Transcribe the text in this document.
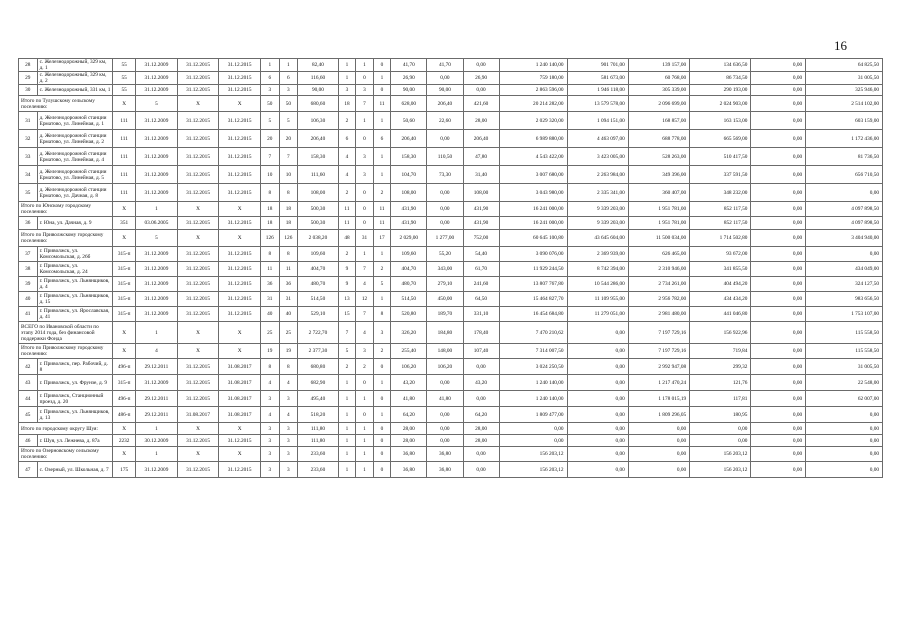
16
28	с. Железнодорожный, 329 км, д. 1	55	31.12.2009	31.12.2015	31.12.2015	1	1	82,40	1	1	0	41,70	41,70	0,00	1 240 140,00	901 701,00	139 157,00	134 636,50	0,00	64 825,50
29	с. Железнодорожный, 329 км, д. 2	55	31.12.2009	31.12.2015	31.12.2015	6	6	116,60	1	0	1	26,90	0,00	26,90	759 180,00	581 673,00	60 768,00	86 734,50	0,00	31 005,50
30	с. Железнодорожный, 331 км, 1	55	31.12.2009	31.12.2015	31.12.2015	3	3	90,00	3	3	0	90,00	90,00	0,00	2 863 596,00	1 946 118,00	305 339,00	290 193,00	0,00	325 946,00
Итого по Тулушскому сельскому поселению:		Х	5	Х	Х	50	50	680,60	18	7	11	628,00	206,40	421,60	20 214 282,00	13 579 578,00	2 096 699,00	2 024 903,00	0,00	2 514 102,00
31	д. Железнодорожной станции Ерматово, ул. Линейная, д. 1	111	31.12.2009	31.12.2015	31.12.2015	5	5	106,30	2	1	1	50,60	22,60	28,00	2 029 320,00	1 094 151,00	168 857,00	163 153,00	0,00	603 159,00
32	д. Железнодорожной станции Ерматово, ул. Линейная, д. 2	111	31.12.2009	31.12.2015	31.12.2015	20	20	206,40	6	0	6	206,40	0,00	206,40	6 989 880,00	4 463 097,00	688 778,00	665 569,00	0,00	1 172 436,00
33	д. Железнодорожной станции Ерматово, ул. Линейная, д. 4	111	31.12.2009	31.12.2015	31.12.2015	7	7	158,30	4	3	1	158,30	110,50	47,80	4 543 422,00	3 423 005,00	528 263,00	510 417,50	0,00	81 736,50
34	д. Железнодорожной станции Ерматово, ул. Линейная, д. 5	111	31.12.2009	31.12.2015	31.12.2015	10	10	111,60	4	3	1	104,70	73,30	31,40	3 007 680,00	2 263 984,00	349 396,00	337 591,50	0,00	656 710,50
35	д. Железнодорожной станции Ерматово, ул. Дачная, д. 8	111	31.12.2009	31.12.2015	31.12.2015	8	8	108,00	2	0	2	108,00	0,00	108,00	3 043 980,00	2 335 341,00	360 407,00	348 232,00	0,00	0,00
Итого по Юнскому городскому поселению:		Х	1	Х	Х	18	18	500,30	11	0	11	431,90	0,00	431,90	16 241 000,00	9 339 203,00	1 951 781,00	852 117,50	0,00	4 097 898,50
36	г. Юна, ул. Дачная, д. 9	351	03.06.2005	31.12.2015	31.12.2015	18	18	500,30	11	0	11	431,90	0,00	431,90	16 241 000,00	9 339 203,00	1 951 781,00	852 117,50	0,00	4 097 898,50
Итого по Приволжскому городскому поселению:		Х	5	Х	Х	126	126	2 038,20	48	31	17	2 029,00	1 277,00	752,00	60 645 100,80	43 645 604,00	11 500 034,00	1 714 502,80	0,00	3 404 940,00
37	г. Приволжск, ул. Комсомольская, д. 26б	315-п	31.12.2009	31.12.2015	31.12.2015	8	8	109,60	2	1	1	109,60	55,20	54,40	3 090 076,00	2 369 939,00	626 465,00	93 672,00	0,00	0,00
38	г. Приволжск, ул. Комсомольская, д. 24	315-п	31.12.2009	31.12.2015	31.12.2015	11	11	404,70	9	7	2	404,70	343,00	61,70	11 929 244,50	8 742 394,00	2 310 946,00	341 855,50	0,00	434 049,00
39	г. Приволжск, ул. Льнянщиков, д. 4	315-п	31.12.2009	31.12.2015	31.12.2015	36	36	480,70	9	4	5	480,70	279,10	241,60	13 807 767,80	10 544 286,00	2 734 261,00	404 494,20	0,00	324 127,50
40	г. Приволжск, ул. Льнянщиков, д. 15	315-п	31.12.2009	31.12.2015	31.12.2015	31	31	514,50	13	12	1	514,50	450,00	64,50	15 464 827,70	11 109 955,00	2 956 782,00	434 434,20	0,00	983 656,50
41	г. Приволжск, ул. Ярославская, д. 41	315-п	31.12.2009	31.12.2015	31.12.2015	40	40	529,10	15	7	8	520,80	189,70	331,10	16 454 684,80	11 279 051,00	2 981 480,00	441 046,80	0,00	1 753 107,00
ВСЕГО по Ивановской области по этапу 2014 года, без финансовой поддержки Фонда		Х	1	Х	Х	25	25	2 722,70	7	4	3	326,20	184,80	178,40	7 470 210,62	0,00	7 197 729,16	156 922,96	0,00	115 558,50
Итого по Приволжскому городскому поселению:		Х	4	Х	Х	19	19	2 377,30	5	3	2	255,40	148,00	107,40	7 314 007,50	0,00	7 197 729,16	719,84	0,00	115 558,50
42	г. Приволжск, пер. Рабочий, д. 8	496-п	29.12.2011	31.12.2015	31.08.2017	8	8	680,80	2	2	0	106,20	106,20	0,00	3 024 250,50	0,00	2 992 947,08	299,32	0,00	31 005,50
43	г. Приволжск, ул. Фрунзе, д. 9	315-п	31.12.2009	31.12.2015	31.08.2017	4	4	682,90	1	0	1	43,20	0,00	43,20	1 240 140,00	0,00	1 217 470,24	121,76	0,00	22 548,00
44	г. Приволжск, Станционный проезд, д. 20	496-п	29.12.2011	31.12.2015	31.08.2017	3	3	495,40	1	1	0	41,80	41,80	0,00	1 240 140,00	0,00	1 178 015,19	117,81	0,00	62 007,00
45	г. Приволжск, ул. Льнянщиков, д. 13	486-п	29.12.2011	31.08.2017	31.08.2017	4	4	518,20	1	0	1	64,20	0,00	64,20	1 809 477,00	0,00	1 809 296,05	180,95	0,00	0,00
Итого по городскому округу Шуя:		Х	1	Х	Х	3	3	111,80	1	1	0	28,00	0,00	28,00	0,00	0,00	0,00	0,00	0,00	0,00
46	г. Шуя, ул. Лежнева, д. 87а	2232	30.12.2009	31.12.2015	31.12.2015	3	3	111,80	1	1	0	28,00	0,00	28,00	0,00	0,00	0,00	0,00	0,00	0,00
Итого по Озерновскому сельскому поселению:		Х	1	Х	Х	3	3	233,60	1	1	0	36,80	36,80	0,00	156 203,12	0,00	0,00	156 203,12	0,00	0,00
47	с. Озерный, ул. Школьная, д. 7	175	31.12.2009	31.12.2015	31.12.2015	3	3	233,60	1	1	0	36,80	36,80	0,00	156 203,12	0,00	0,00	156 203,12	0,00	0,00
